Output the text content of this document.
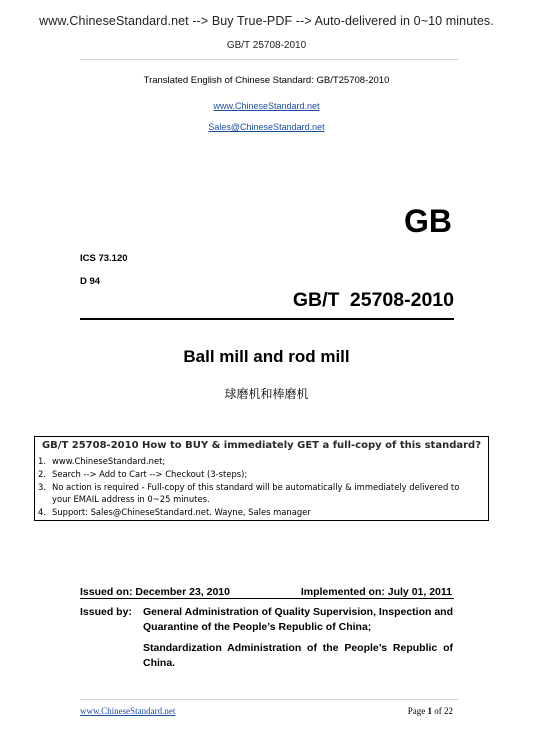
www.ChineseStandard.net --> Buy True-PDF --> Auto-delivered in 0~10 minutes.
GB/T 25708-2010
Translated English of Chinese Standard: GB/T25708-2010
www.ChineseStandard.net
Sales@ChineseStandard.net
GB
ICS 73.120
D 94
GB/T 25708-2010
Ball mill and rod mill
球磨机和棒磨机
GB/T 25708-2010 How to BUY & immediately GET a full-copy of this standard?
1. www.ChineseStandard.net;
2. Search --> Add to Cart --> Checkout (3-steps);
3. No action is required - Full-copy of this standard will be automatically & immediately delivered to
your EMAIL address in 0~25 minutes.
4. Support: Sales@ChineseStandard.net. Wayne, Sales manager
Issued on: December 23, 2010	Implemented on: July 01, 2011
Issued by: General Administration of Quality Supervision, Inspection and Quarantine of the People’s Republic of China;
Standardization Administration of the People’s Republic of China.
www.ChineseStandard.net	Page 1 of 22
